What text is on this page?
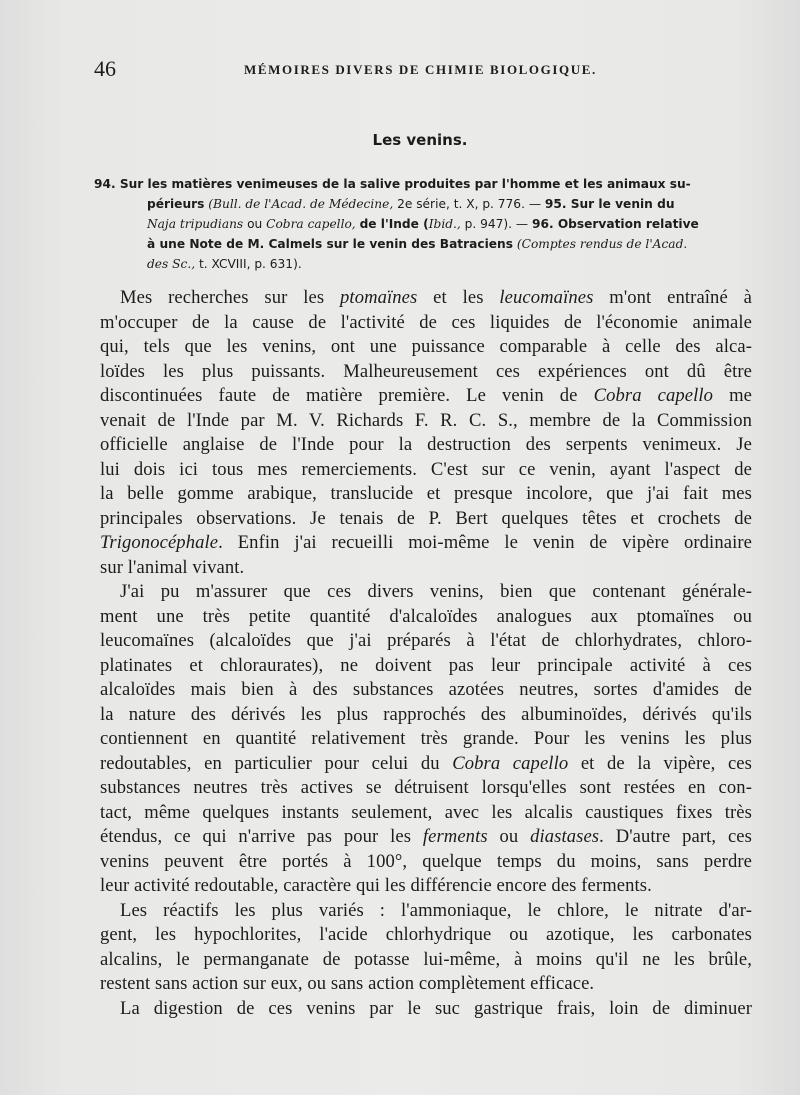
46	MÉMOIRES DIVERS DE CHIMIE BIOLOGIQUE.
Les venins.
94. Sur les matières venimeuses de la salive produites par l'homme et les animaux su-
périeurs (Bull. de l'Acad. de Médecine, 2e série, t. X, p. 776. — 95. Sur le venin du
Naja tripudians ou Cobra capello, de l'Inde (Ibid., p. 947). — 96. Observation relative
à une Note de M. Calmels sur le venin des Batraciens (Comptes rendus de l'Acad.
des Sc., t. XCVIII, p. 631).
Mes recherches sur les ptomaïnes et les leucomaïnes m'ont entraîné à
m'occuper de la cause de l'activité de ces liquides de l'économie animale
qui, tels que les venins, ont une puissance comparable à celle des alca-
loïdes les plus puissants. Malheureusement ces expériences ont dû être
discontinuées faute de matière première. Le venin de Cobra capello me
venait de l'Inde par M. V. Richards F. R. C. S., membre de la Commission
officielle anglaise de l'Inde pour la destruction des serpents venimeux. Je
lui dois ici tous mes remerciements. C'est sur ce venin, ayant l'aspect de
la belle gomme arabique, translucide et presque incolore, que j'ai fait mes
principales observations. Je tenais de P. Bert quelques têtes et crochets de
Trigonocéphale. Enfin j'ai recueilli moi-même le venin de vipère ordinaire
sur l'animal vivant.
J'ai pu m'assurer que ces divers venins, bien que contenant générale-
ment une très petite quantité d'alcaloïdes analogues aux ptomaïnes ou
leucomaïnes (alcaloïdes que j'ai préparés à l'état de chlorhydrates, chloro-
platinates et chloraurates), ne doivent pas leur principale activité à ces
alcaloïdes mais bien à des substances azotées neutres, sortes d'amides de
la nature des dérivés les plus rapprochés des albuminoïdes, dérivés qu'ils
contiennent en quantité relativement très grande. Pour les venins les plus
redoutables, en particulier pour celui du Cobra capello et de la vipère, ces
substances neutres très actives se détruisent lorsqu'elles sont restées en con-
tact, même quelques instants seulement, avec les alcalis caustiques fixes très
étendus, ce qui n'arrive pas pour les ferments ou diastases. D'autre part, ces
venins peuvent être portés à 100°, quelque temps du moins, sans perdre
leur activité redoutable, caractère qui les différencie encore des ferments.
Les réactifs les plus variés : l'ammoniaque, le chlore, le nitrate d'ar-
gent, les hypochlorites, l'acide chlorhydrique ou azotique, les carbonates
alcalins, le permanganate de potasse lui-même, à moins qu'il ne les brûle,
restent sans action sur eux, ou sans action complètement efficace.
La digestion de ces venins par le suc gastrique frais, loin de diminuer
